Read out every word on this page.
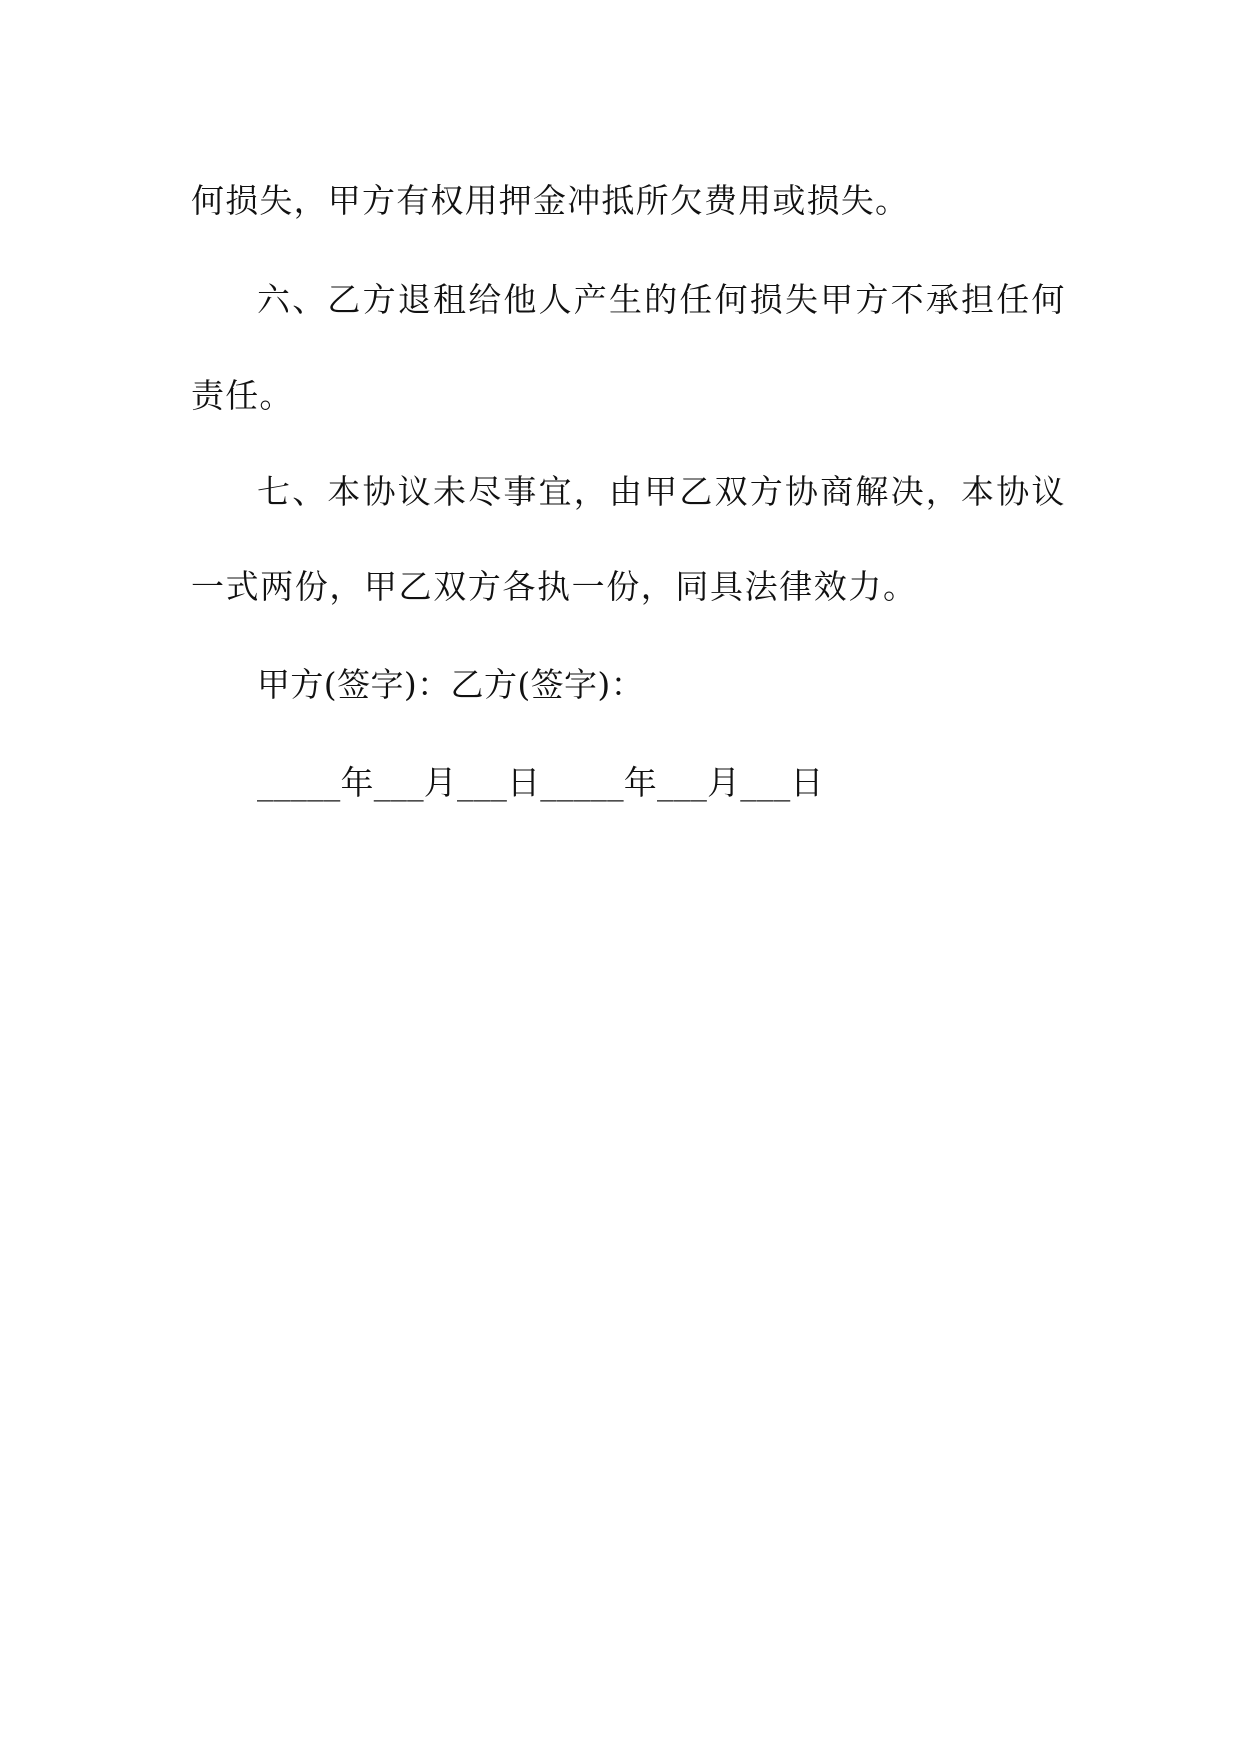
何损失，甲方有权用押金冲抵所欠费用或损失。
六、乙方退租给他人产生的任何损失甲方不承担任何
责任。
七、本协议未尽事宜，由甲乙双方协商解决，本协议
一式两份，甲乙双方各执一份，同具法律效力。
甲方(签字)：乙方(签字)：
_____年___月___日_____年___月___日
